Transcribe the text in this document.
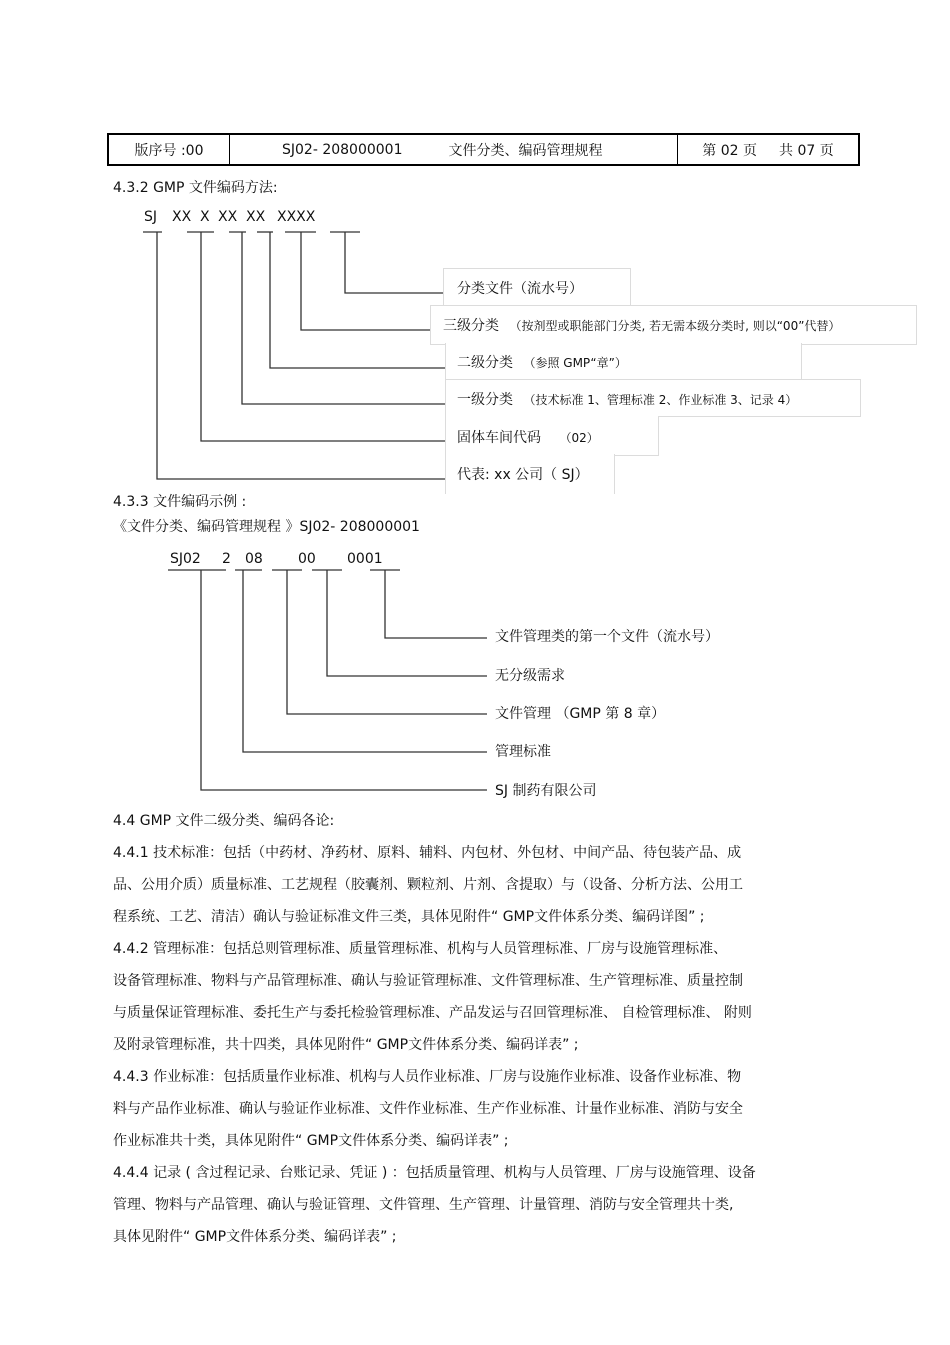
版序号 :00	SJ02- 208000001	文件分类、编码管理规程	第 02 页 共 07 页
4.3.2 GMP 文件编码方法:
SJ XX X XX XX XXXX
分类文件（流水号）
三级分类 （按剂型或职能部门分类, 若无需本级分类时, 则以“00”代替）
二级分类 （参照 GMP“章”）
一级分类 （技术标准 1、管理标准 2、作业标准 3、记录 4）
固体车间代码 （02）
代表: xx 公司（ SJ）
4.3.3 文件编码示例 :
《文件分类、编码管理规程 》SJ02- 208000001
SJ02 2 08	00 0001
文件管理类的第一个文件（流水号）
无分级需求
文件管理 （GMP 第 8 章）
管理标准
SJ 制药有限公司
4.4 GMP 文件二级分类、编码各论:
4.4.1 技术标准：包括（中药材、净药材、原料、辅料、内包材、外包材、中间产品、待包装产品、成
品、公用介质）质量标准、工艺规程（胶囊剂、颗粒剂、片剂、含提取）与（设备、分析方法、公用工
程系统、工艺、清洁）确认与验证标准文件三类，具体见附件“ GMP文件体系分类、编码详图” ;
4.4.2 管理标准：包括总则管理标准、质量管理标准、机构与人员管理标准、厂房与设施管理标准、
设备管理标准、物料与产品管理标准、确认与验证管理标准、文件管理标准、生产管理标准、质量控制
与质量保证管理标准、委托生产与委托检验管理标准、产品发运与召回管理标准、 自检管理标准、 附则
及附录管理标准，共十四类，具体见附件“ GMP文件体系分类、编码详表” ;
4.4.3 作业标准：包括质量作业标准、机构与人员作业标准、厂房与设施作业标准、设备作业标准、物
料与产品作业标准、确认与验证作业标准、文件作业标准、生产作业标准、计量作业标准、消防与安全
作业标准共十类，具体见附件“ GMP文件体系分类、编码详表” ;
4.4.4 记录 ( 含过程记录、台账记录、凭证 ) ：包括质量管理、机构与人员管理、厂房与设施管理、设备
管理、物料与产品管理、确认与验证管理、文件管理、生产管理、计量管理、消防与安全管理共十类,
具体见附件“ GMP文件体系分类、编码详表” ;
